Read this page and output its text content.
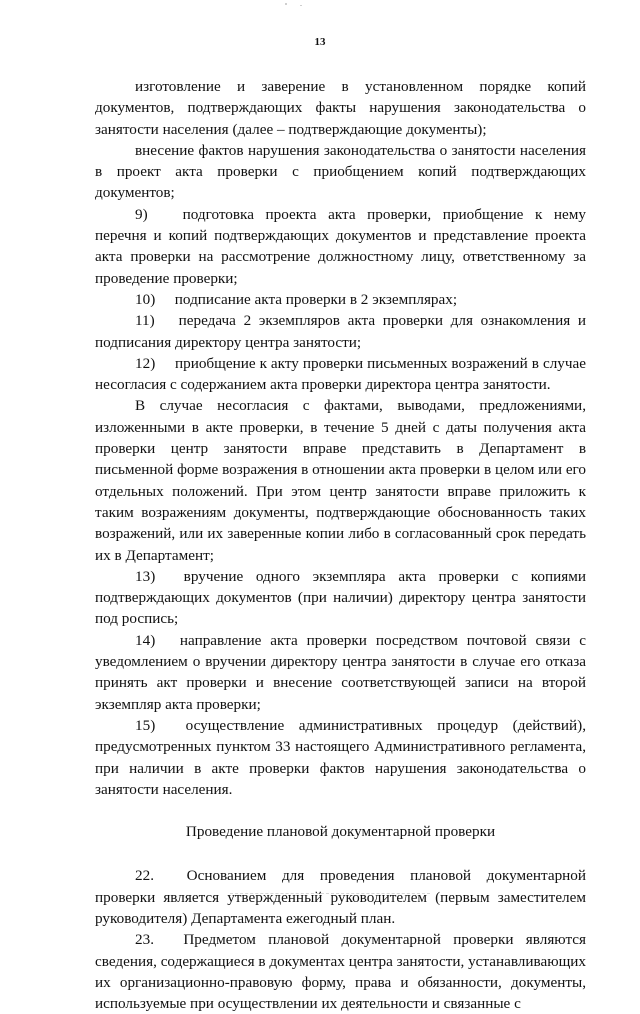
13

изготовление и заверение в установленном порядке копий документов, подтверждающих факты нарушения законодательства о занятости населения (далее – подтверждающие документы);

внесение фактов нарушения законодательства о занятости населения в проект акта проверки с приобщением копий подтверждающих документов;

9) подготовка проекта акта проверки, приобщение к нему перечня и копий подтверждающих документов и представление проекта акта проверки на рассмотрение должностному лицу, ответственному за проведение проверки;

10) подписание акта проверки в 2 экземплярах;

11) передача 2 экземпляров акта проверки для ознакомления и подписания директору центра занятости;

12) приобщение к акту проверки письменных возражений в случае несогласия с содержанием акта проверки директора центра занятости.

В случае несогласия с фактами, выводами, предложениями, изложенными в акте проверки, в течение 5 дней с даты получения акта проверки центр занятости вправе представить в Департамент в письменной форме возражения в отношении акта проверки в целом или его отдельных положений. При этом центр занятости вправе приложить к таким возражениям документы, подтверждающие обоснованность таких возражений, или их заверенные копии либо в согласованный срок передать их в Департамент;

13) вручение одного экземпляра акта проверки с копиями подтверждающих документов (при наличии) директору центра занятости под роспись;

14) направление акта проверки посредством почтовой связи с уведомлением о вручении директору центра занятости в случае его отказа принять акт проверки и внесение соответствующей записи на второй экземпляр акта проверки;

15) осуществление административных процедур (действий), предусмотренных пунктом 33 настоящего Административного регламента, при наличии в акте проверки фактов нарушения законодательства о занятости населения.

Проведение плановой документарной проверки

22. Основанием для проведения плановой документарной проверки является утвержденный руководителем (первым заместителем руководителя) Департамента ежегодный план.

23. Предметом плановой документарной проверки являются сведения, содержащиеся в документах центра занятости, устанавливающих их организационно-правовую форму, права и обязанности, документы, используемые при осуществлении их деятельности и связанные с
